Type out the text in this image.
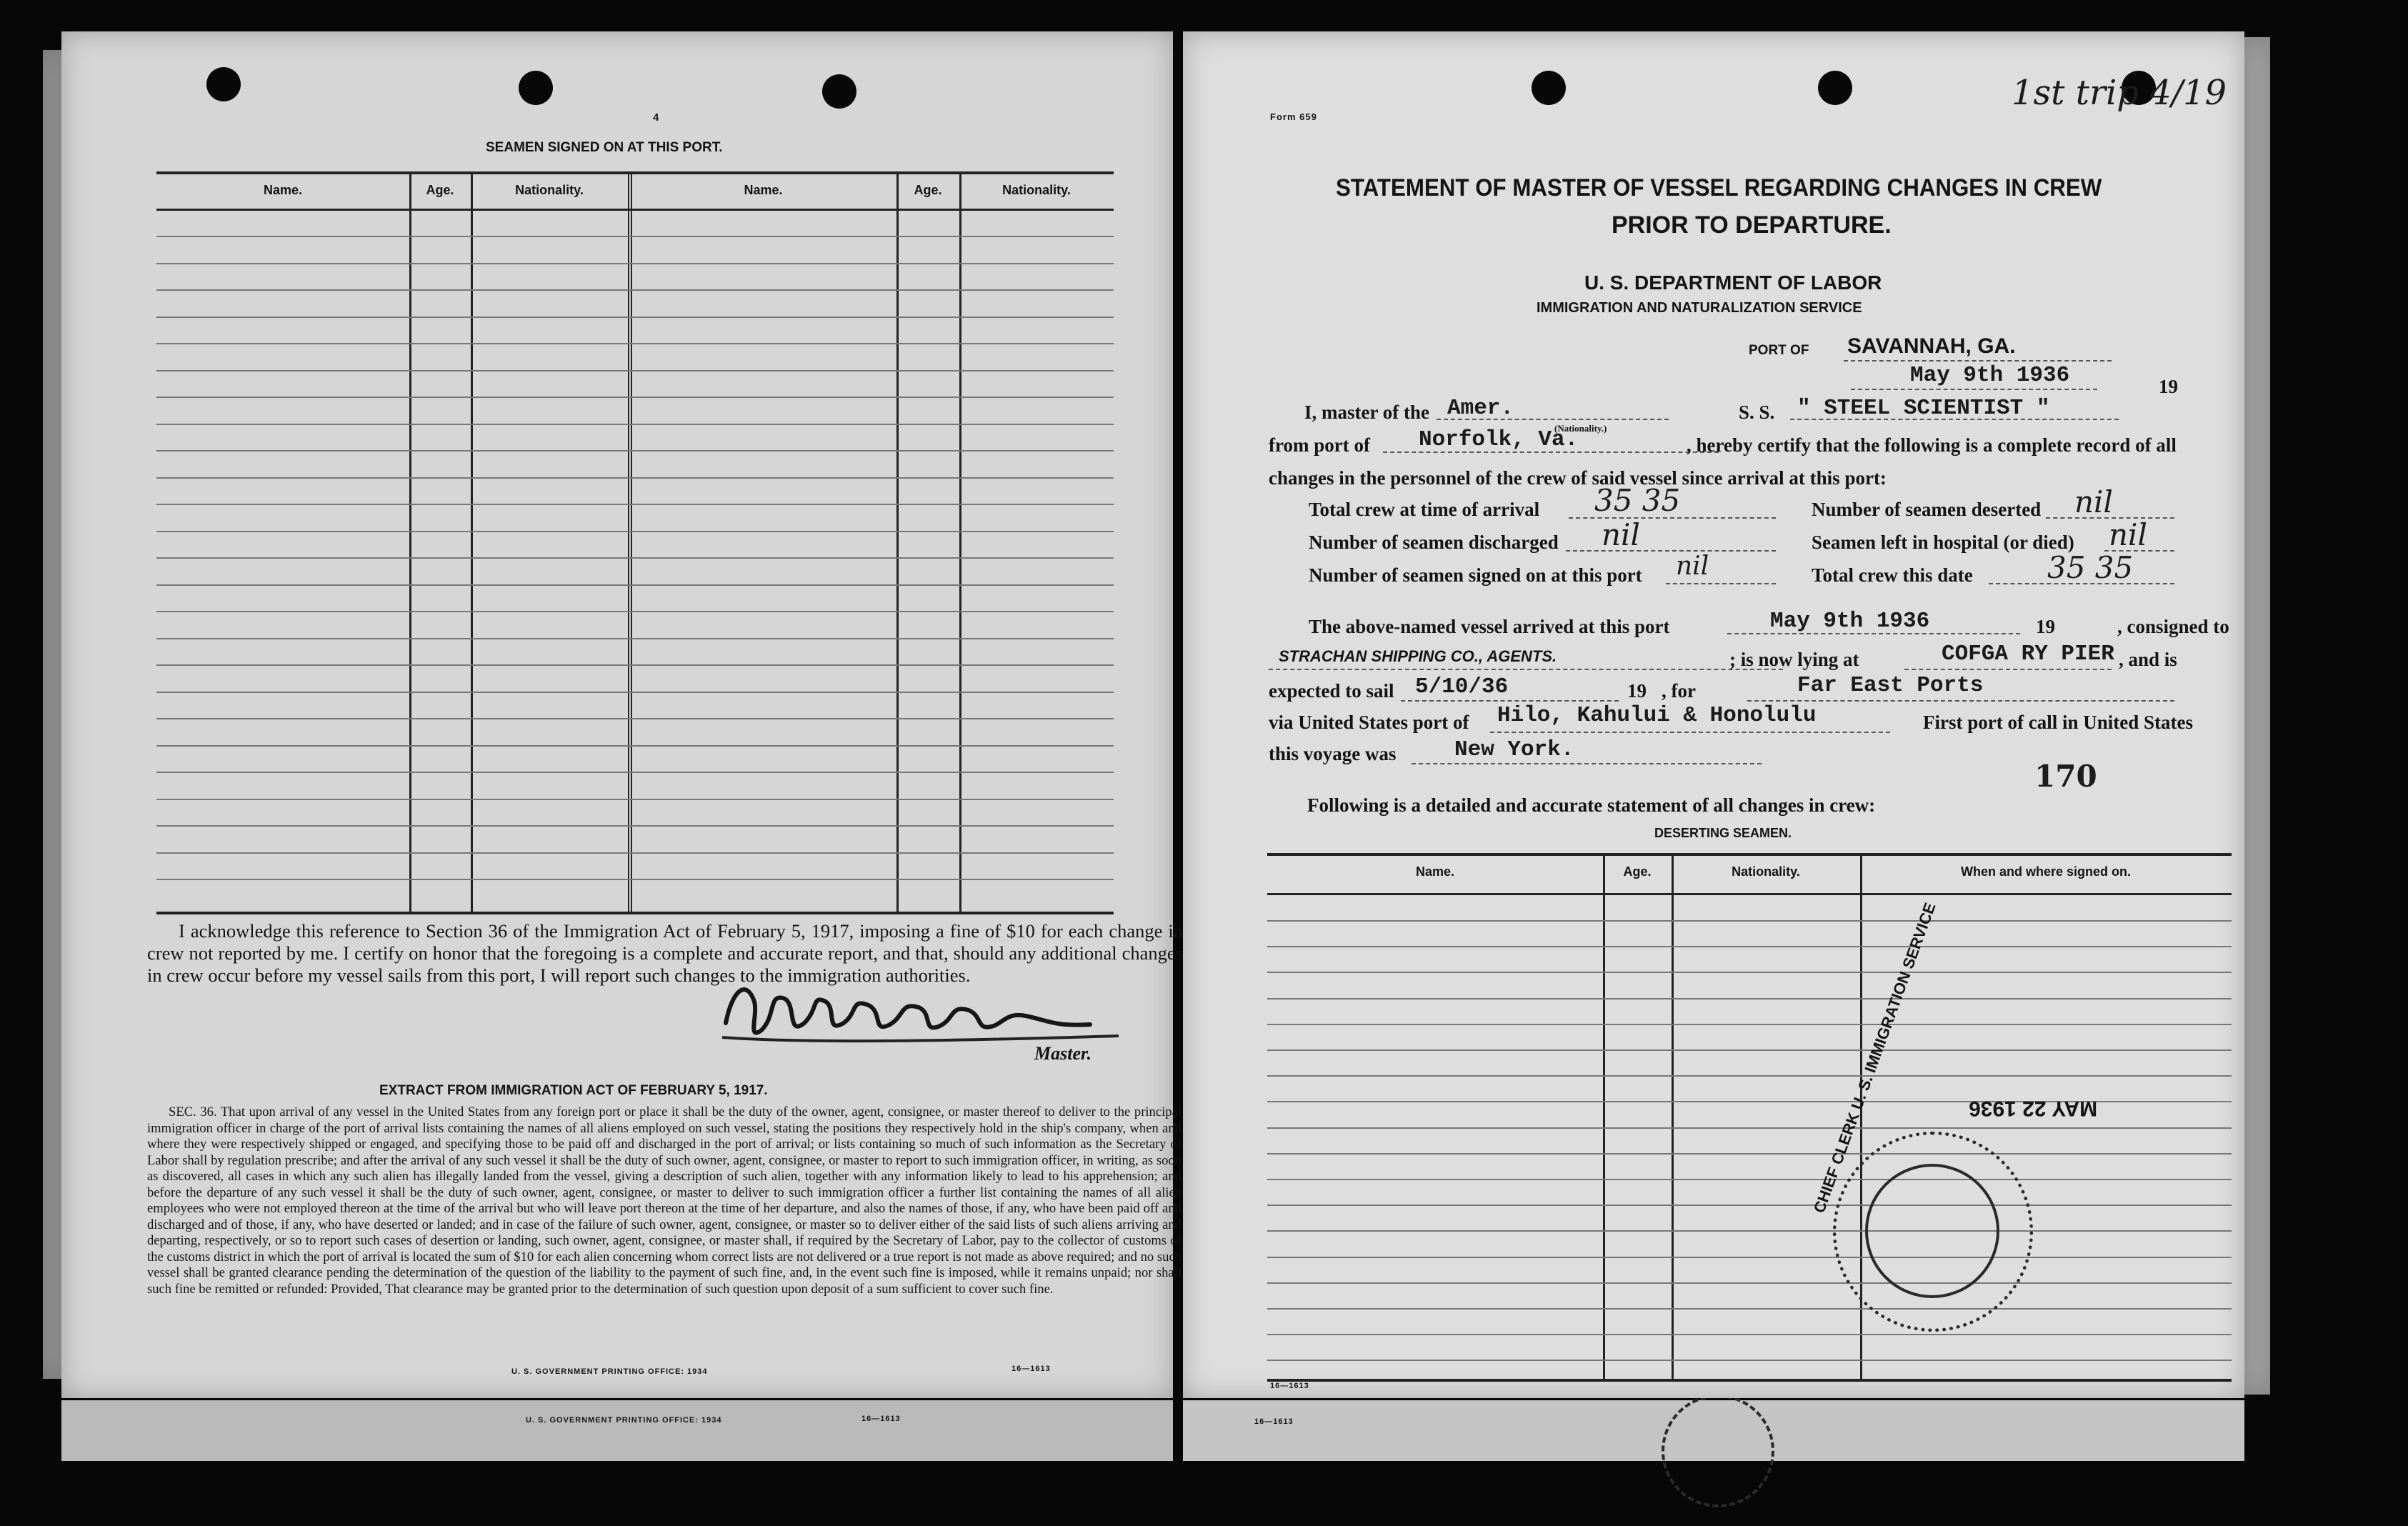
U. S. GOVERNMENT PRINTING OFFICE: 1934	16—1613	16—1613
4
SEAMEN SIGNED ON AT THIS PORT.
Name.	Age.	Nationality.	Name.	Age.	Nationality.
I acknowledge this reference to Section 36 of the Immigration Act of February 5, 1917, imposing a fine of $10 for each change in crew not reported by me. I certify on honor that the foregoing is a complete and accurate report, and that, should any additional changes in crew occur before my vessel sails from this port, I will report such changes to the immigration authorities.
Master.
EXTRACT FROM IMMIGRATION ACT OF FEBRUARY 5, 1917.
SEC. 36. That upon arrival of any vessel in the United States from any foreign port or place it shall be the duty of the owner, agent, consignee, or master thereof to deliver to the principal immigration officer in charge of the port of arrival lists containing the names of all aliens employed on such vessel, stating the positions they respectively hold in the ship's company, when and where they were respectively shipped or engaged, and specifying those to be paid off and discharged in the port of arrival; or lists containing so much of such information as the Secretary of Labor shall by regulation prescribe; and after the arrival of any such vessel it shall be the duty of such owner, agent, consignee, or master to report to such immigration officer, in writing, as soon as discovered, all cases in which any such alien has illegally landed from the vessel, giving a description of such alien, together with any information likely to lead to his apprehension; and before the departure of any such vessel it shall be the duty of such owner, agent, consignee, or master to deliver to such immigration officer a further list containing the names of all alien employees who were not employed thereon at the time of the arrival but who will leave port thereon at the time of her departure, and also the names of those, if any, who have been paid off and discharged and of those, if any, who have deserted or landed; and in case of the failure of such owner, agent, consignee, or master so to deliver either of the said lists of such aliens arriving and departing, respectively, or so to report such cases of desertion or landing, such owner, agent, consignee, or master shall, if required by the Secretary of Labor, pay to the collector of customs of the customs district in which the port of arrival is located the sum of $10 for each alien concerning whom correct lists are not delivered or a true report is not made as above required; and no such vessel shall be granted clearance pending the determination of the question of the liability to the payment of such fine, and, in the event such fine is imposed, while it remains unpaid; nor shall such fine be remitted or refunded: Provided, That clearance may be granted prior to the determination of such question upon deposit of a sum sufficient to cover such fine.
U. S. GOVERNMENT PRINTING OFFICE: 1934	16—1613
Form 659
1st trip 4/19
STATEMENT OF MASTER OF VESSEL REGARDING CHANGES IN CREW
PRIOR TO DEPARTURE.
U. S. DEPARTMENT OF LABOR
IMMIGRATION AND NATURALIZATION SERVICE
PORT OF SAVANNAH, GA.
May 9th 1936	19
I, master of the Amer.
(Nationality.)
S. S. " STEEL SCIENTIST "
from port of Norfolk, Va.	, hereby certify that the following is a complete record of all
changes in the personnel of the crew of said vessel since arrival at this port:
Total crew at time of arrival 35 35	Number of seamen deserted nil
Number of seamen discharged nil	Seamen left in hospital (or died) nil
Number of seamen signed on at this port nil	Total crew this date 35 35
The above-named vessel arrived at this port	May 9th 1936	19	, consigned to
STRACHAN SHIPPING CO., AGENTS.	; is now lying at	COFGA RY PIER , and is
expected to sail 5/10/36	19 , for	Far East Ports
via United States port of Hilo, Kahului & Honolulu	First port of call in United States
this voyage was	New York.
170
Following is a detailed and accurate statement of all changes in crew:
DESERTING SEAMEN.
Name.	Age.	Nationality.	When and where signed on.
CHIEF CLERK U. S. IMMIGRATION SERVICE MAY 22 1936
16—1613
